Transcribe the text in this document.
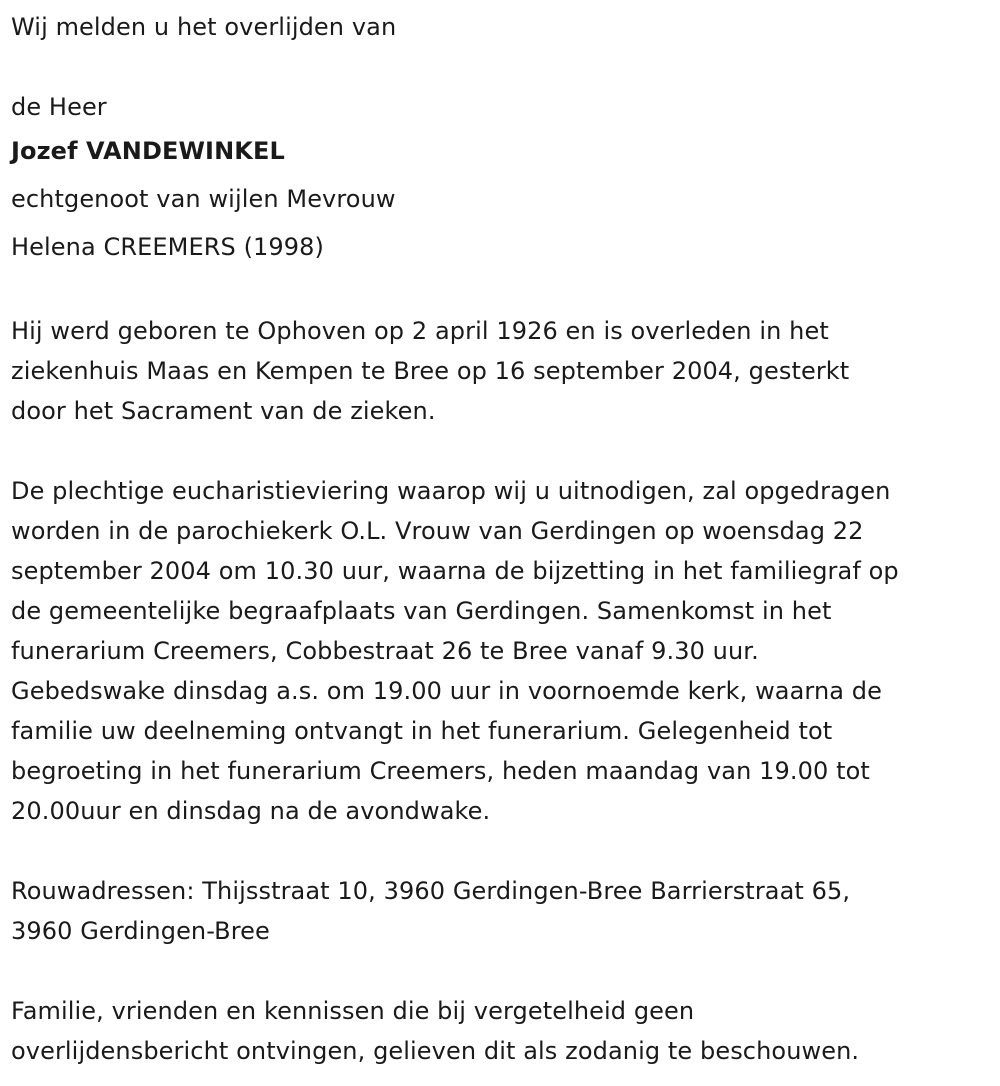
Wij melden u het overlijden van
de Heer
Jozef VANDEWINKEL
echtgenoot van wijlen Mevrouw
Helena CREEMERS (1998)
Hij werd geboren te Ophoven op 2 april 1926 en is overleden in het
ziekenhuis Maas en Kempen te Bree op 16 september 2004, gesterkt
door het Sacrament van de zieken.
De plechtige eucharistieviering waarop wij u uitnodigen, zal opgedragen
worden in de parochiekerk O.L. Vrouw van Gerdingen op woensdag 22
september 2004 om 10.30 uur, waarna de bijzetting in het familiegraf op
de gemeentelijke begraafplaats van Gerdingen. Samenkomst in het
funerarium Creemers, Cobbestraat 26 te Bree vanaf 9.30 uur.
Gebedswake dinsdag a.s. om 19.00 uur in voornoemde kerk, waarna de
familie uw deelneming ontvangt in het funerarium. Gelegenheid tot
begroeting in het funerarium Creemers, heden maandag van 19.00 tot
20.00uur en dinsdag na de avondwake.
Rouwadressen: Thijsstraat 10, 3960 Gerdingen-Bree Barrierstraat 65,
3960 Gerdingen-Bree
Familie, vrienden en kennissen die bij vergetelheid geen
overlijdensbericht ontvingen, gelieven dit als zodanig te beschouwen.
